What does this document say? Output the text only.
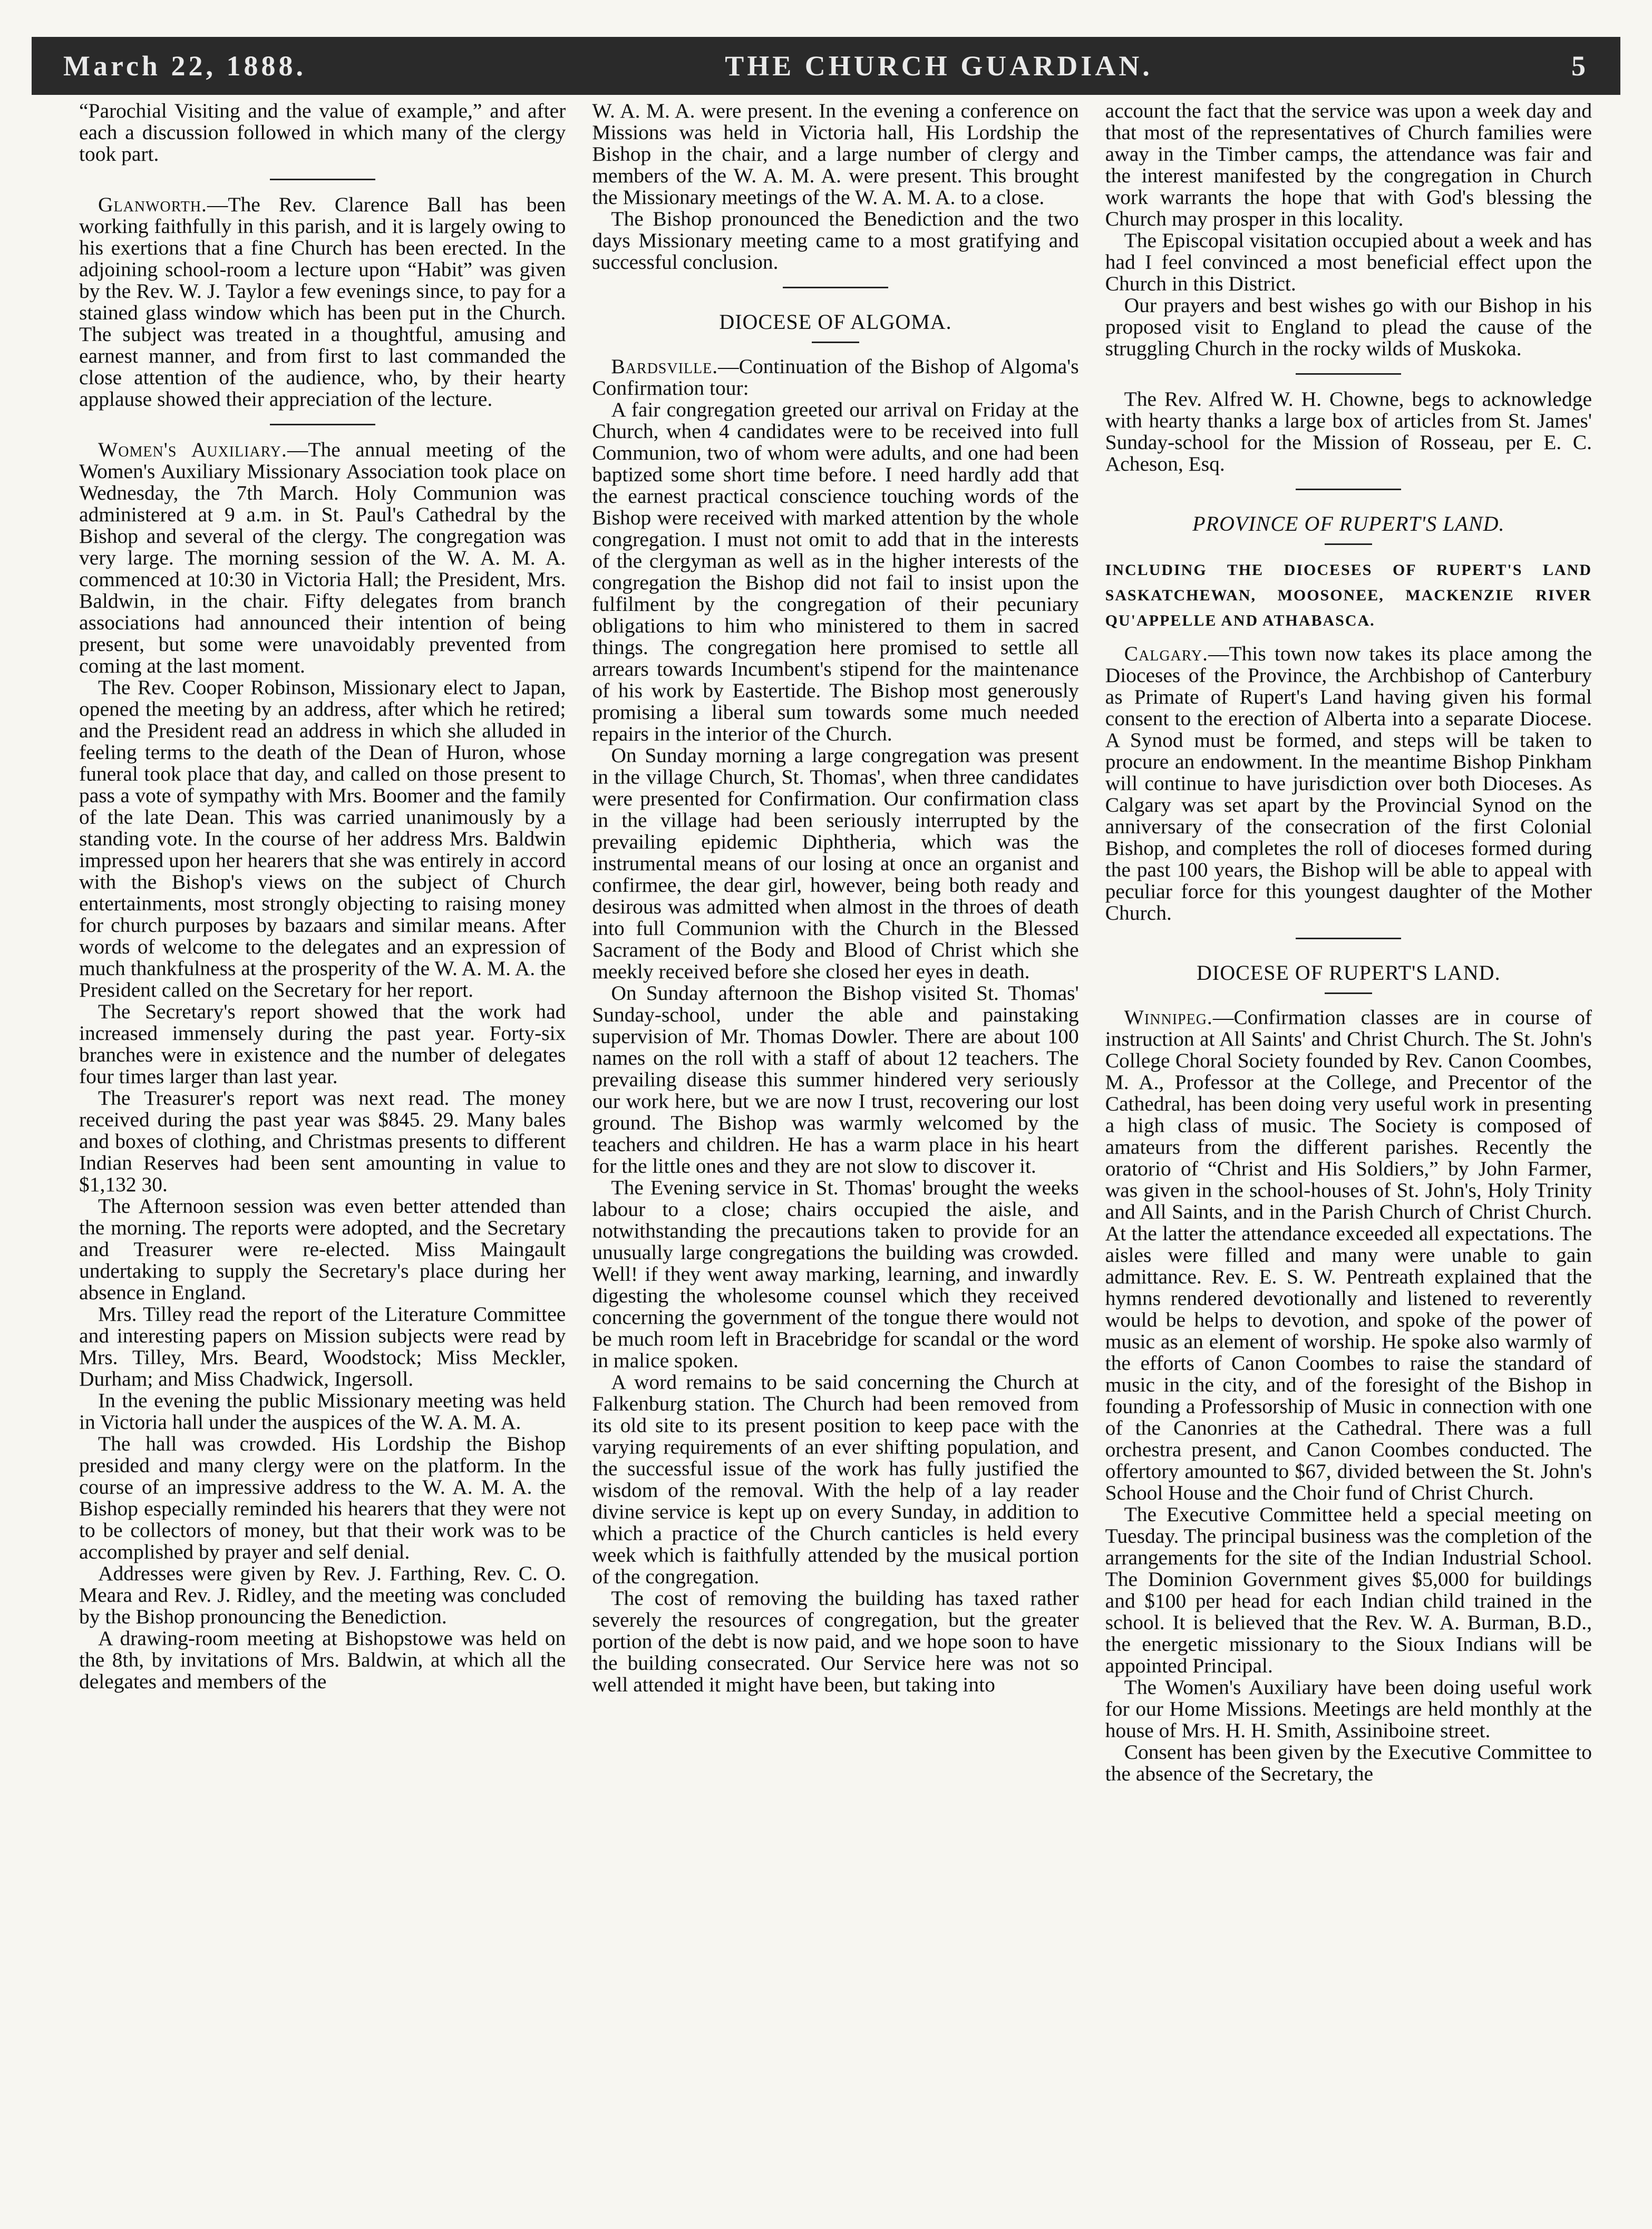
March 22, 1888.	THE CHURCH GUARDIAN.	5

“Parochial Visiting and the value of example,” and after each a discussion followed in which many of the clergy took part.

Glanworth.—The Rev. Clarence Ball has been working faithfully in this parish, and it is largely owing to his exertions that a fine Church has been erected. In the adjoining school-room a lecture upon “Habit” was given by the Rev. W. J. Taylor a few evenings since, to pay for a stained glass window which has been put in the Church. The subject was treated in a thoughtful, amusing and earnest manner, and from first to last commanded the close attention of the audience, who, by their hearty applause showed their appreciation of the lecture.

Women's Auxiliary.—The annual meeting of the Women's Auxiliary Missionary Association took place on Wednesday, the 7th March. Holy Communion was administered at 9 a.m. in St. Paul's Cathedral by the Bishop and several of the clergy. The congregation was very large. The morning session of the W. A. M. A. commenced at 10:30 in Victoria Hall; the President, Mrs. Baldwin, in the chair. Fifty delegates from branch associations had announced their intention of being present, but some were unavoidably prevented from coming at the last moment.

The Rev. Cooper Robinson, Missionary elect to Japan, opened the meeting by an address, after which he retired; and the President read an address in which she alluded in feeling terms to the death of the Dean of Huron, whose funeral took place that day, and called on those present to pass a vote of sympathy with Mrs. Boomer and the family of the late Dean. This was carried unanimously by a standing vote. In the course of her address Mrs. Baldwin impressed upon her hearers that she was entirely in accord with the Bishop's views on the subject of Church entertainments, most strongly objecting to raising money for church purposes by bazaars and similar means. After words of welcome to the delegates and an expression of much thankfulness at the prosperity of the W. A. M. A. the President called on the Secretary for her report.

The Secretary's report showed that the work had increased immensely during the past year. Forty-six branches were in existence and the number of delegates four times larger than last year.

The Treasurer's report was next read. The money received during the past year was $845. 29. Many bales and boxes of clothing, and Christmas presents to different Indian Reserves had been sent amounting in value to $1,132 30.

The Afternoon session was even better attended than the morning. The reports were adopted, and the Secretary and Treasurer were re-elected. Miss Maingault undertaking to supply the Secretary's place during her absence in England.

Mrs. Tilley read the report of the Literature Committee and interesting papers on Mission subjects were read by Mrs. Tilley, Mrs. Beard, Woodstock; Miss Meckler, Durham; and Miss Chadwick, Ingersoll.

In the evening the public Missionary meeting was held in Victoria hall under the auspices of the W. A. M. A.

The hall was crowded. His Lordship the Bishop presided and many clergy were on the platform. In the course of an impressive address to the W. A. M. A. the Bishop especially reminded his hearers that they were not to be collectors of money, but that their work was to be accomplished by prayer and self denial.

Addresses were given by Rev. J. Farthing, Rev. C. O. Meara and Rev. J. Ridley, and the meeting was concluded by the Bishop pronouncing the Benediction.

A drawing-room meeting at Bishopstowe was held on the 8th, by invitations of Mrs. Baldwin, at which all the delegates and members of the

W. A. M. A. were present. In the evening a conference on Missions was held in Victoria hall, His Lordship the Bishop in the chair, and a large number of clergy and members of the W. A. M. A. were present. This brought the Missionary meetings of the W. A. M. A. to a close.

The Bishop pronounced the Benediction and the two days Missionary meeting came to a most gratifying and successful conclusion.

DIOCESE OF ALGOMA.

Bardsville.—Continuation of the Bishop of Algoma's Confirmation tour:

A fair congregation greeted our arrival on Friday at the Church, when 4 candidates were to be received into full Communion, two of whom were adults, and one had been baptized some short time before. I need hardly add that the earnest practical conscience touching words of the Bishop were received with marked attention by the whole congregation. I must not omit to add that in the interests of the clergyman as well as in the higher interests of the congregation the Bishop did not fail to insist upon the fulfilment by the congregation of their pecuniary obligations to him who ministered to them in sacred things. The congregation here promised to settle all arrears towards Incumbent's stipend for the maintenance of his work by Eastertide. The Bishop most generously promising a liberal sum towards some much needed repairs in the interior of the Church.

On Sunday morning a large congregation was present in the village Church, St. Thomas', when three candidates were presented for Confirmation. Our confirmation class in the village had been seriously interrupted by the prevailing epidemic Diphtheria, which was the instrumental means of our losing at once an organist and confirmee, the dear girl, however, being both ready and desirous was admitted when almost in the throes of death into full Communion with the Church in the Blessed Sacrament of the Body and Blood of Christ which she meekly received before she closed her eyes in death.

On Sunday afternoon the Bishop visited St. Thomas' Sunday-school, under the able and painstaking supervision of Mr. Thomas Dowler. There are about 100 names on the roll with a staff of about 12 teachers. The prevailing disease this summer hindered very seriously our work here, but we are now I trust, recovering our lost ground. The Bishop was warmly welcomed by the teachers and children. He has a warm place in his heart for the little ones and they are not slow to discover it.

The Evening service in St. Thomas' brought the weeks labour to a close; chairs occupied the aisle, and notwithstanding the precautions taken to provide for an unusually large congregations the building was crowded. Well! if they went away marking, learning, and inwardly digesting the wholesome counsel which they received concerning the government of the tongue there would not be much room left in Bracebridge for scandal or the word in malice spoken.

A word remains to be said concerning the Church at Falkenburg station. The Church had been removed from its old site to its present position to keep pace with the varying requirements of an ever shifting population, and the successful issue of the work has fully justified the wisdom of the removal. With the help of a lay reader divine service is kept up on every Sunday, in addition to which a practice of the Church canticles is held every week which is faithfully attended by the musical portion of the congregation.

The cost of removing the building has taxed rather severely the resources of congregation, but the greater portion of the debt is now paid, and we hope soon to have the building consecrated. Our Service here was not so well attended it might have been, but taking into

account the fact that the service was upon a week day and that most of the representatives of Church families were away in the Timber camps, the attendance was fair and the interest manifested by the congregation in Church work warrants the hope that with God's blessing the Church may prosper in this locality.

The Episcopal visitation occupied about a week and has had I feel convinced a most beneficial effect upon the Church in this District.

Our prayers and best wishes go with our Bishop in his proposed visit to England to plead the cause of the struggling Church in the rocky wilds of Muskoka.

The Rev. Alfred W. H. Chowne, begs to acknowledge with hearty thanks a large box of articles from St. James' Sunday-school for the Mission of Rosseau, per E. C. Acheson, Esq.

PROVINCE OF RUPERT'S LAND.
INCLUDING THE DIOCESES OF RUPERT'S LAND SASKATCHEWAN, MOOSONEE, MACKENZIE RIVER QU'APPELLE AND ATHABASCA.

Calgary.—This town now takes its place among the Dioceses of the Province, the Archbishop of Canterbury as Primate of Rupert's Land having given his formal consent to the erection of Alberta into a separate Diocese. A Synod must be formed, and steps will be taken to procure an endowment. In the meantime Bishop Pinkham will continue to have jurisdiction over both Dioceses. As Calgary was set apart by the Provincial Synod on the anniversary of the consecration of the first Colonial Bishop, and completes the roll of dioceses formed during the past 100 years, the Bishop will be able to appeal with peculiar force for this youngest daughter of the Mother Church.

DIOCESE OF RUPERT'S LAND.

Winnipeg.—Confirmation classes are in course of instruction at All Saints' and Christ Church. The St. John's College Choral Society founded by Rev. Canon Coombes, M. A., Professor at the College, and Precentor of the Cathedral, has been doing very useful work in presenting a high class of music. The Society is composed of amateurs from the different parishes. Recently the oratorio of “Christ and His Soldiers,” by John Farmer, was given in the school-houses of St. John's, Holy Trinity and All Saints, and in the Parish Church of Christ Church. At the latter the attendance exceeded all expectations. The aisles were filled and many were unable to gain admittance. Rev. E. S. W. Pentreath explained that the hymns rendered devotionally and listened to reverently would be helps to devotion, and spoke of the power of music as an element of worship. He spoke also warmly of the efforts of Canon Coombes to raise the standard of music in the city, and of the foresight of the Bishop in founding a Professorship of Music in connection with one of the Canonries at the Cathedral. There was a full orchestra present, and Canon Coombes conducted. The offertory amounted to $67, divided between the St. John's School House and the Choir fund of Christ Church.

The Executive Committee held a special meeting on Tuesday. The principal business was the completion of the arrangements for the site of the Indian Industrial School. The Dominion Government gives $5,000 for buildings and $100 per head for each Indian child trained in the school. It is believed that the Rev. W. A. Burman, B.D., the energetic missionary to the Sioux Indians will be appointed Principal.

The Women's Auxiliary have been doing useful work for our Home Missions. Meetings are held monthly at the house of Mrs. H. H. Smith, Assiniboine street.

Consent has been given by the Executive Committee to the absence of the Secretary, the
